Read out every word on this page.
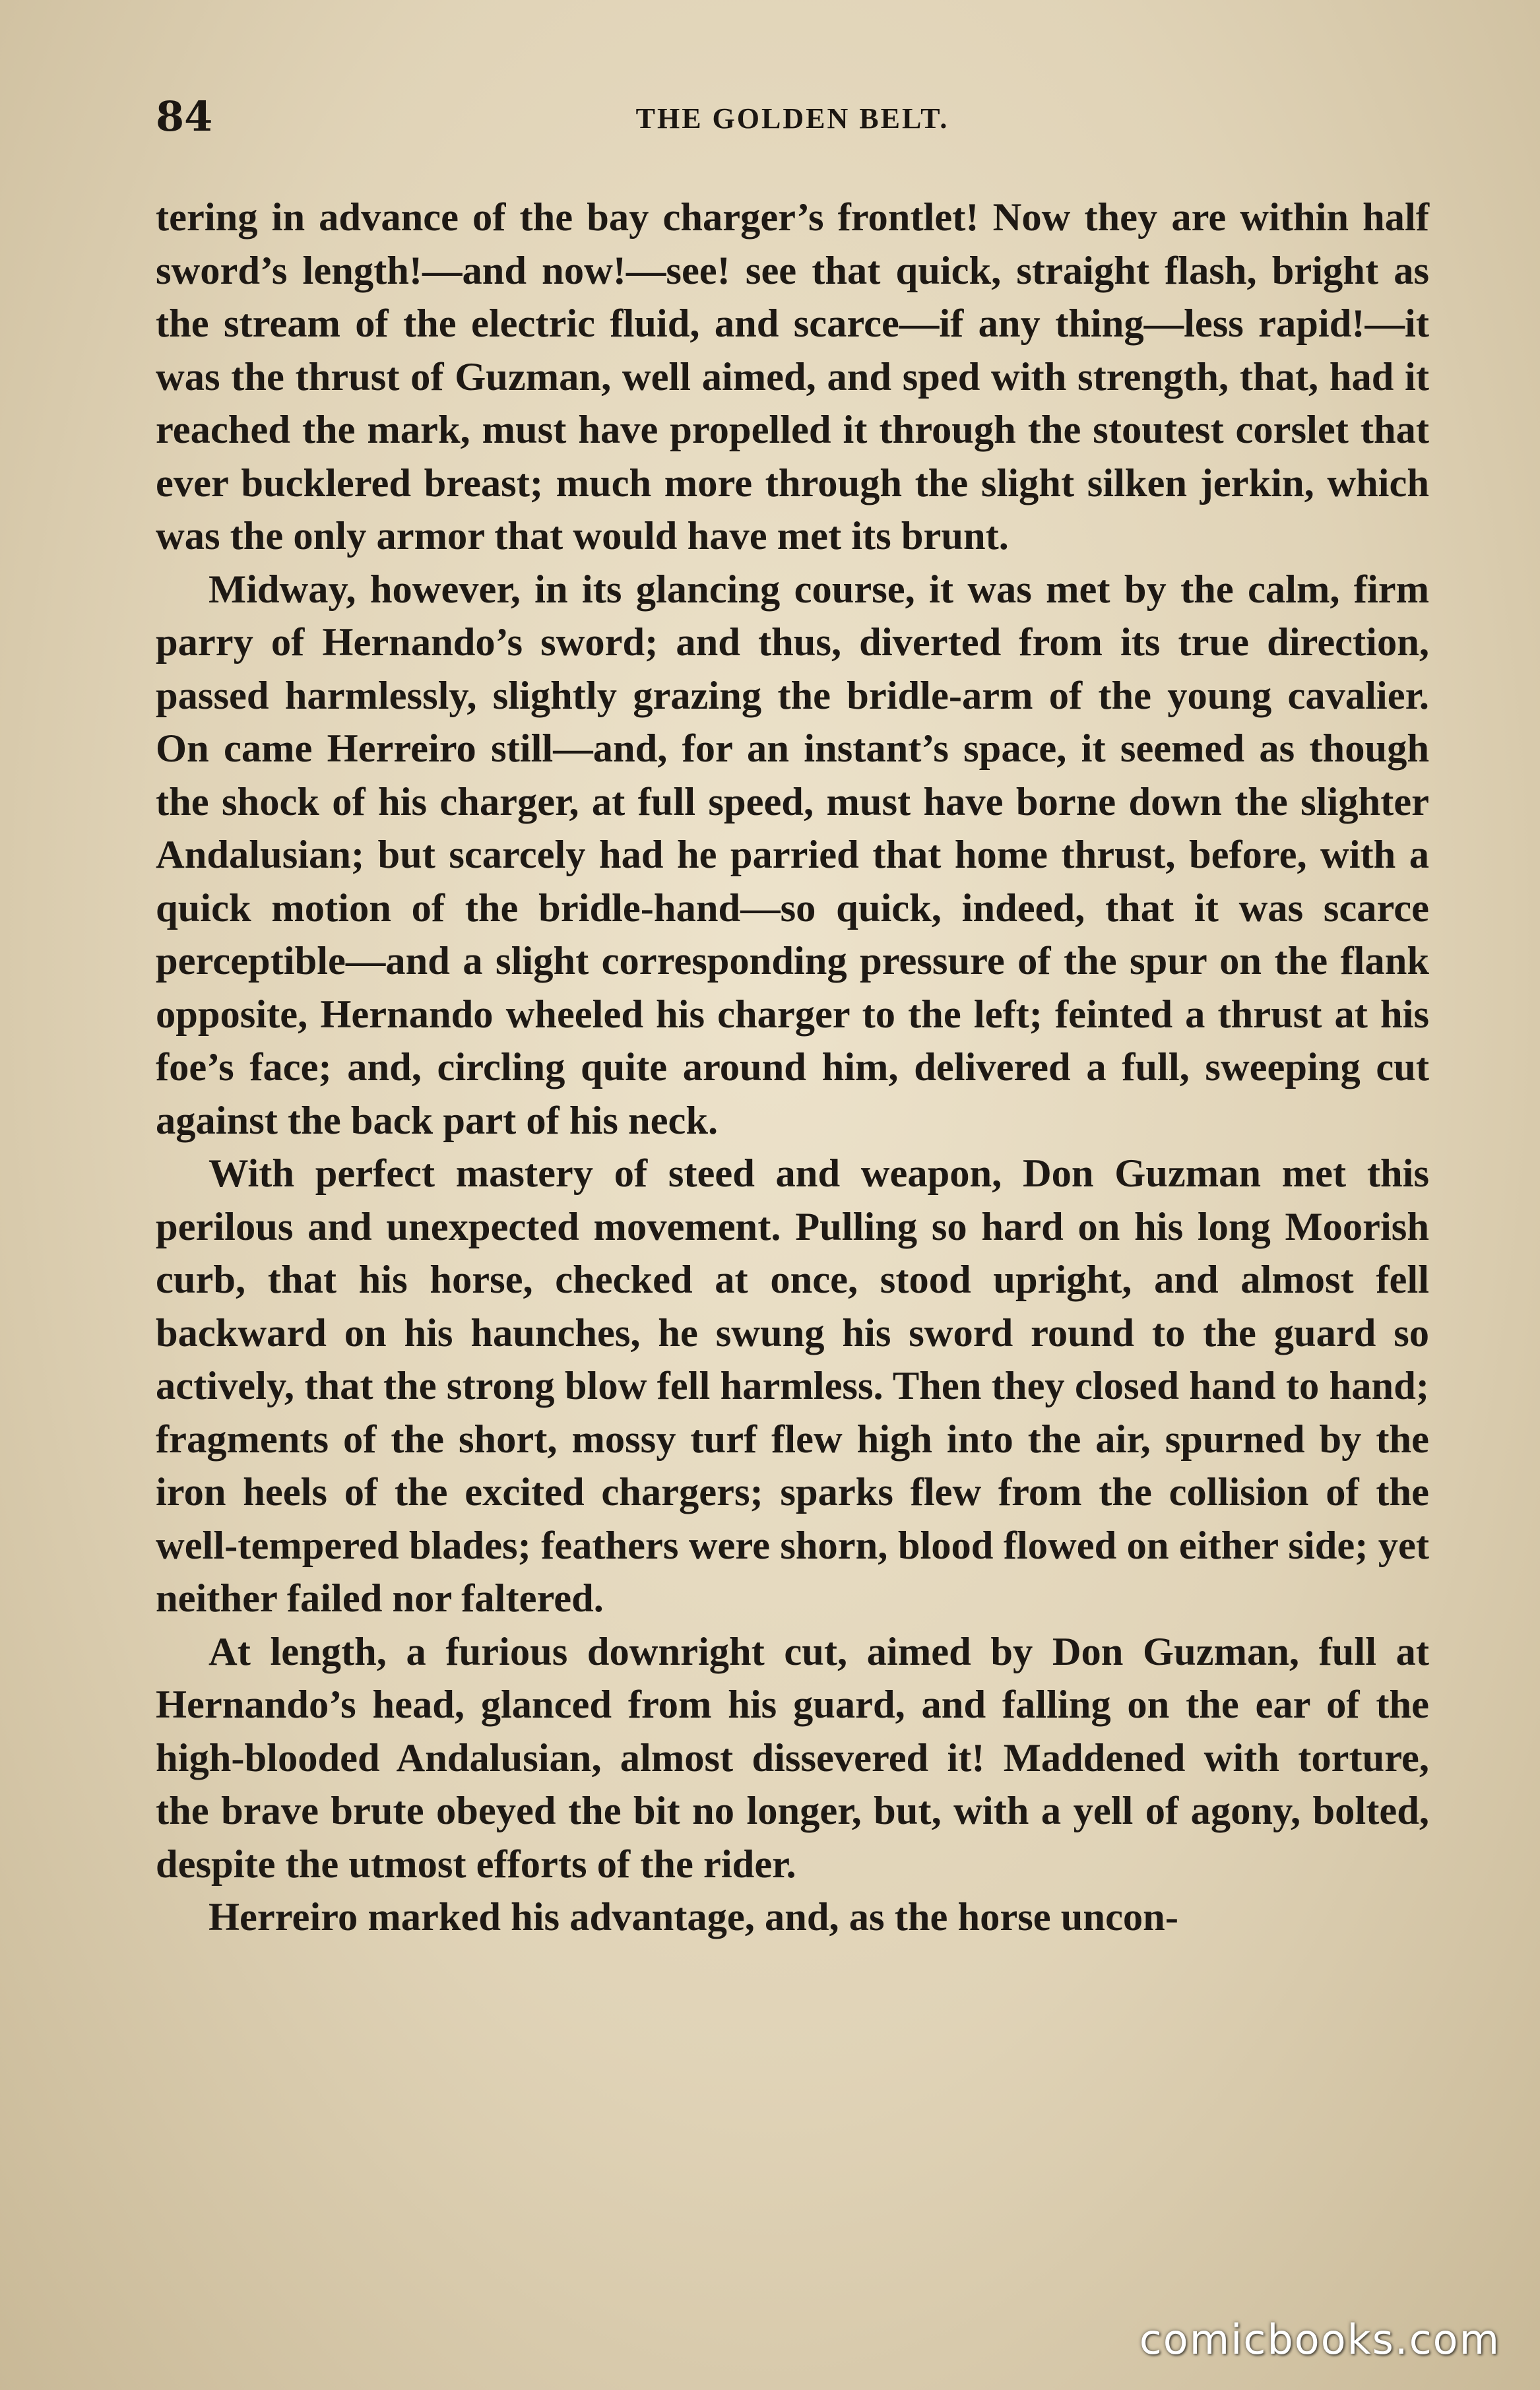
84	THE GOLDEN BELT.

tering in advance of the bay charger’s frontlet! Now they are within half sword’s length!—and now!—see! see that quick, straight flash, bright as the stream of the electric fluid, and scarce—if any thing—less rapid!—it was the thrust of Guzman, well aimed, and sped with strength, that, had it reached the mark, must have propelled it through the stoutest corslet that ever bucklered breast; much more through the slight silken jerkin, which was the only armor that would have met its brunt.

Midway, however, in its glancing course, it was met by the calm, firm parry of Hernando’s sword; and thus, diverted from its true direction, passed harmlessly, slightly grazing the bridle-arm of the young cavalier. On came Herreiro still—and, for an instant’s space, it seemed as though the shock of his charger, at full speed, must have borne down the slighter Andalusian; but scarcely had he parried that home thrust, before, with a quick motion of the bridle-hand—so quick, indeed, that it was scarce perceptible—and a slight corresponding pressure of the spur on the flank opposite, Hernando wheeled his charger to the left; feinted a thrust at his foe’s face; and, circling quite around him, delivered a full, sweeping cut against the back part of his neck.

With perfect mastery of steed and weapon, Don Guzman met this perilous and unexpected movement. Pulling so hard on his long Moorish curb, that his horse, checked at once, stood upright, and almost fell backward on his haunches, he swung his sword round to the guard so actively, that the strong blow fell harmless. Then they closed hand to hand; fragments of the short, mossy turf flew high into the air, spurned by the iron heels of the excited chargers; sparks flew from the collision of the well-tempered blades; feathers were shorn, blood flowed on either side; yet neither failed nor faltered.

At length, a furious downright cut, aimed by Don Guzman, full at Hernando’s head, glanced from his guard, and falling on the ear of the high-blooded Andalusian, almost dissevered it! Maddened with torture, the brave brute obeyed the bit no longer, but, with a yell of agony, bolted, despite the utmost efforts of the rider.

Herreiro marked his advantage, and, as the horse uncon-

comicbooks.com
